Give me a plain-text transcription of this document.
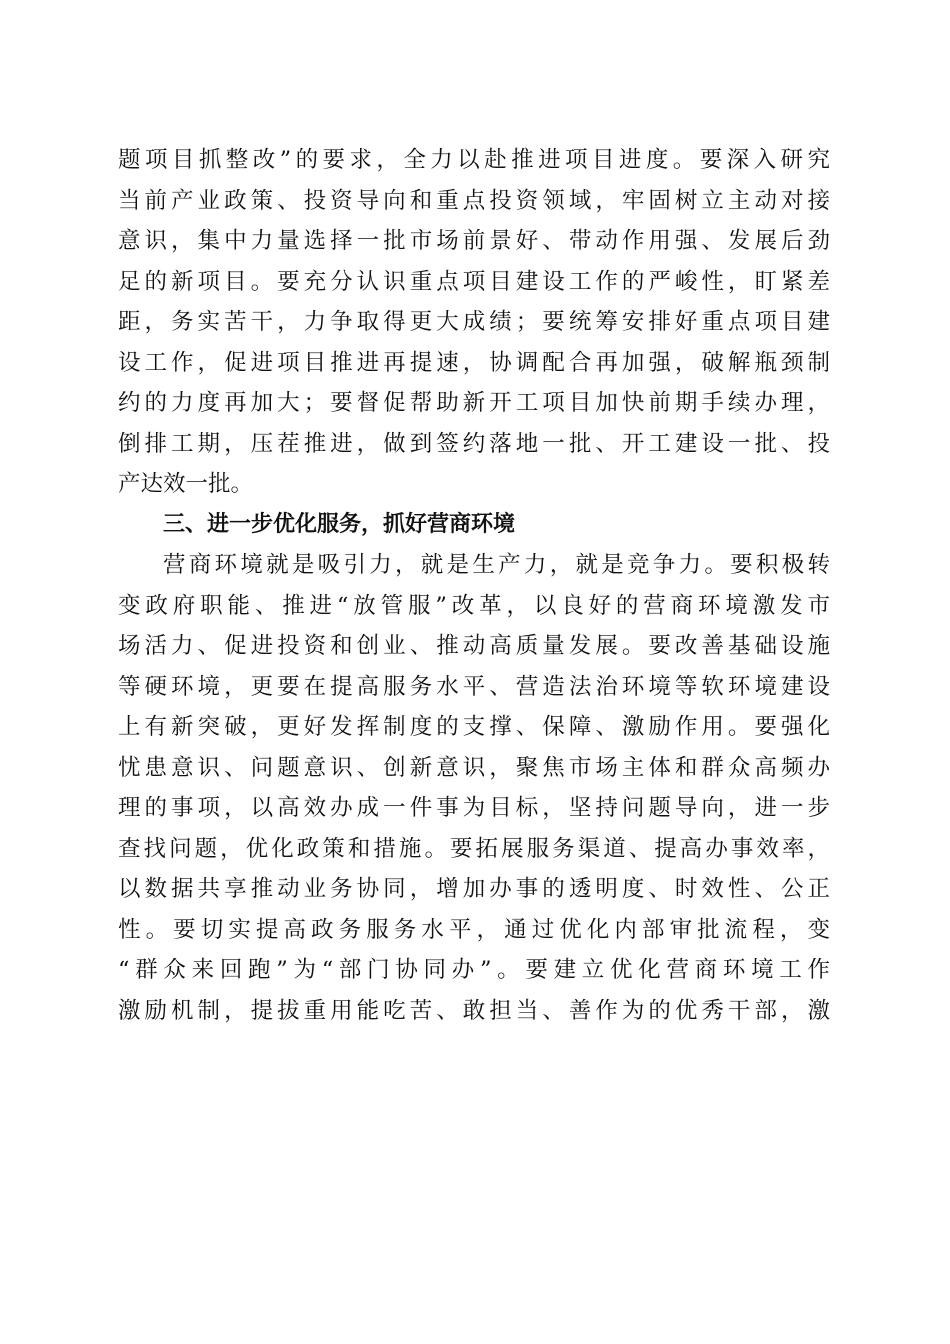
题项目抓整改”的要求，全力以赴推进项目进度。要深入研究
当前产业政策、投资导向和重点投资领域，牢固树立主动对接
意识，集中力量选择一批市场前景好、带动作用强、发展后劲
足的新项目。要充分认识重点项目建设工作的严峻性，盯紧差
距，务实苦干，力争取得更大成绩；要统筹安排好重点项目建
设工作，促进项目推进再提速，协调配合再加强，破解瓶颈制
约的力度再加大；要督促帮助新开工项目加快前期手续办理，
倒排工期，压茬推进，做到签约落地一批、开工建设一批、投
产达效一批。
三、进一步优化服务，抓好营商环境
营商环境就是吸引力，就是生产力，就是竞争力。要积极转
变政府职能、推进“放管服”改革，以良好的营商环境激发市
场活力、促进投资和创业、推动高质量发展。要改善基础设施
等硬环境，更要在提高服务水平、营造法治环境等软环境建设
上有新突破，更好发挥制度的支撑、保障、激励作用。要强化
忧患意识、问题意识、创新意识，聚焦市场主体和群众高频办
理的事项，以高效办成一件事为目标，坚持问题导向，进一步
查找问题，优化政策和措施。要拓展服务渠道、提高办事效率，
以数据共享推动业务协同，增加办事的透明度、时效性、公正
性。要切实提高政务服务水平，通过优化内部审批流程，变
“群众来回跑”为“部门协同办”。要建立优化营商环境工作
激励机制，提拔重用能吃苦、敢担当、善作为的优秀干部，激
